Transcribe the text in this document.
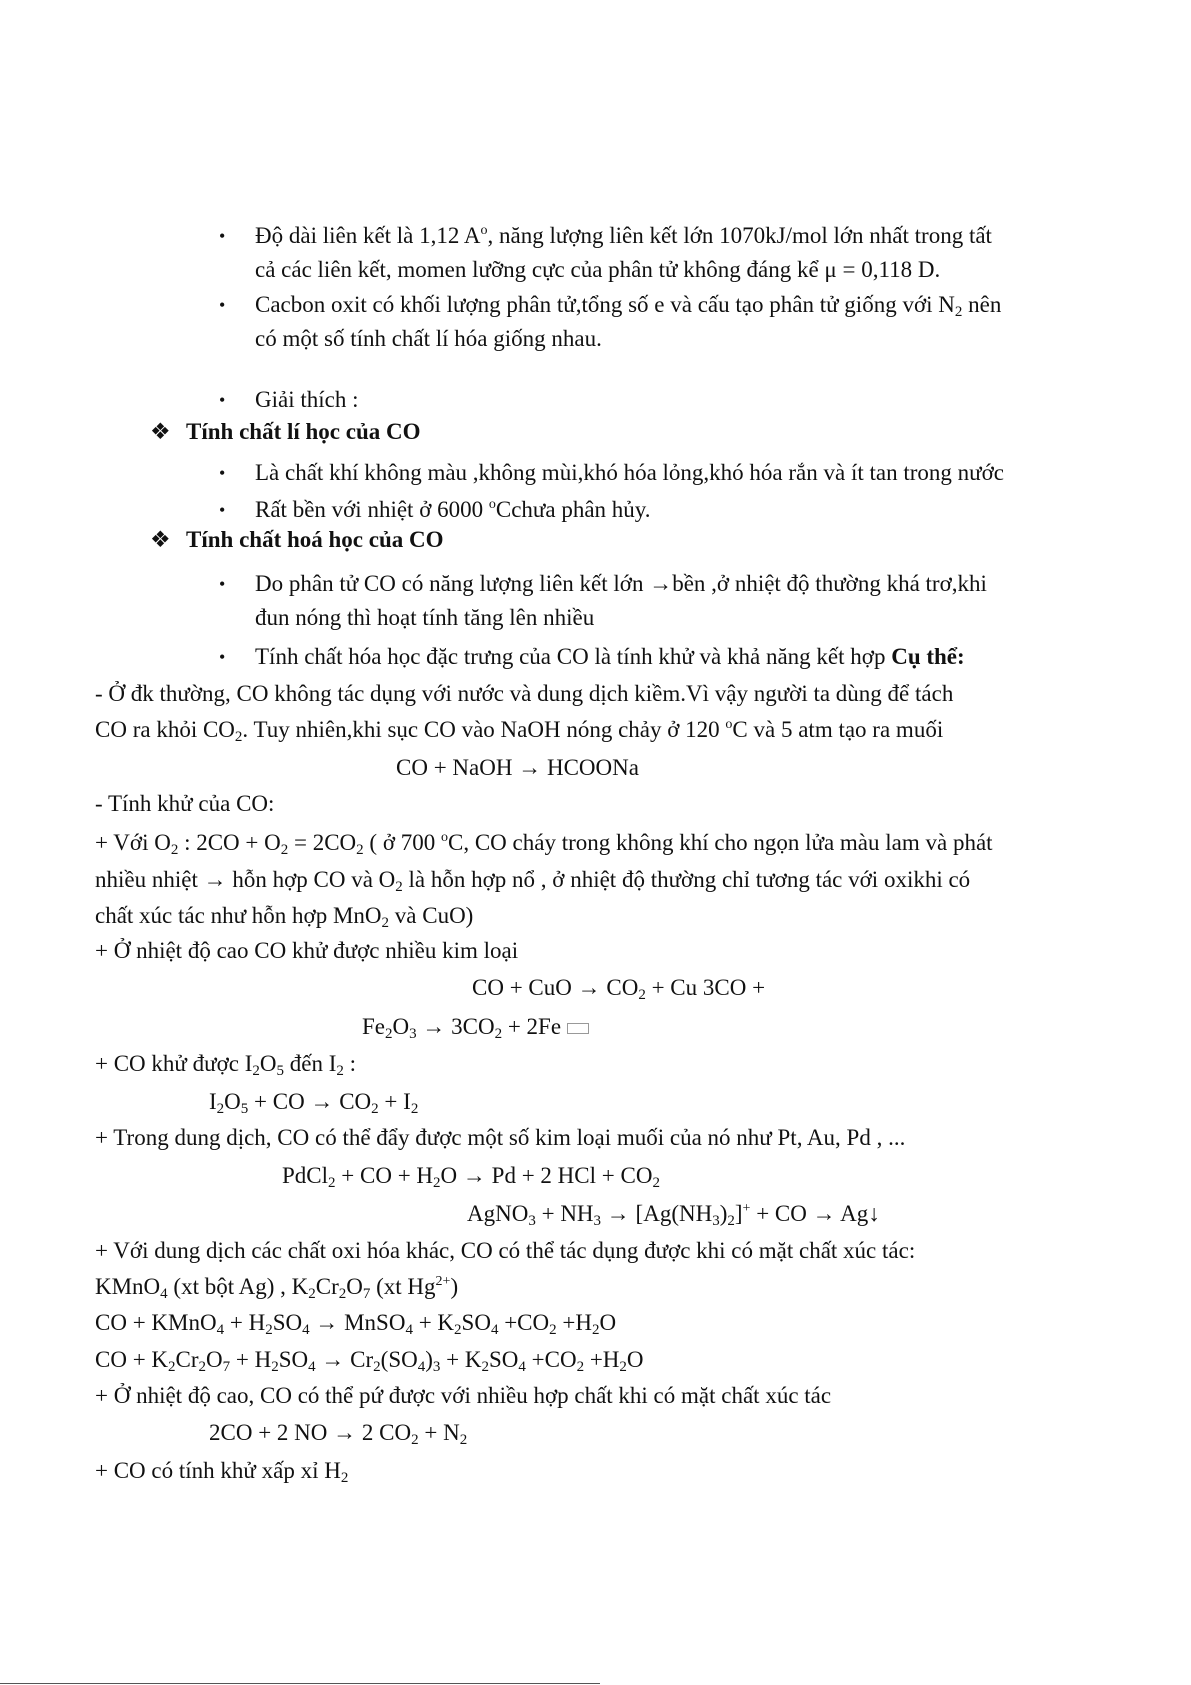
• Độ dài liên kết là 1,12 $A^o$, năng lượng liên kết lớn 1070kJ/mol lớn nhất trong tất
cả các liên kết, momen lưỡng cực của phân tử không đáng kể μ = 0,118 D.
• Cacbon oxit có khối lượng phân tử,tổng số e và cấu tạo phân tử giống với $N_2$ nên
có một số tính chất lí hóa giống nhau.
• Giải thích :
❖ Tính chất lí học của CO
• Là chất khí không màu ,không mùi,khó hóa lỏng,khó hóa rắn và ít tan trong nước
• Rất bền với nhiệt ở 6000 $^o$Cchưa phân hủy.
❖ Tính chất hoá học của CO
• Do phân tử CO có năng lượng liên kết lớn →bền ,ở nhiệt độ thường khá trơ,khi
đun nóng thì hoạt tính tăng lên nhiều
• Tính chất hóa học đặc trưng của CO là tính khử và khả năng kết hợp Cụ thể:
- Ở đk thường, CO không tác dụng với nước và dung dịch kiềm.Vì vậy người ta dùng để tách
CO ra khỏi $CO_2$. Tuy nhiên,khi sục CO vào NaOH nóng chảy ở 120 $^o$C và 5 atm tạo ra muối
CO + NaOH → HCOONa
- Tính khử của CO:
+ Với $O_2$ : $2CO + O_2 = 2CO_2$ ( ở 700 $^o$C, CO cháy trong không khí cho ngọn lửa màu lam và phát
nhiều nhiệt → hỗn hợp CO và $O_2$ là hỗn hợp nổ , ở nhiệt độ thường chỉ tương tác với oxikhi có
chất xúc tác như hỗn hợp MnO$_2$ và CuO)
+ Ở nhiệt độ cao CO khử được nhiều kim loại
CO + CuO → $CO_2 + Cu$ 3CO +
$Fe_2O_3 \to 3CO_2 + 2Fe$
+ CO khử được $I_2O_5$ đến $I_2$ :
$I_2O_5$ + CO → $CO_2 + I_2$
+ Trong dung dịch, CO có thể đẩy được một số kim loại muối của nó như Pt, Au, Pd , ...
PdCl$_2$ + CO + $H_2O \to Pd + 2$ HCl + $CO_2$
AgNO$_3$ + $NH_3 \to [Ag(NH_3)_2]^+$ + CO → Ag↓
+ Với dung dịch các chất oxi hóa khác, CO có thể tác dụng được khi có mặt chất xúc tác:
KMnO$_4$ (xt bột Ag) , $K_2Cr_2O_7$ (xt $Hg^{2+}$)
CO + KMnO$_4$ + $H_2SO_4$ → MnSO$_4$ + $K_2SO_4 +CO_2 +H_2O$
CO + $K_2Cr_2O_7 + H_2SO_4 \to Cr_2(SO_4)_3 + K_2SO_4 +CO_2 +H_2O$
+ Ở nhiệt độ cao, CO có thể pứ được với nhiều hợp chất khi có mặt chất xúc tác
2CO + 2 NO → 2 $CO_2 + N_2$
+ CO có tính khử xấp xỉ $H_2$
